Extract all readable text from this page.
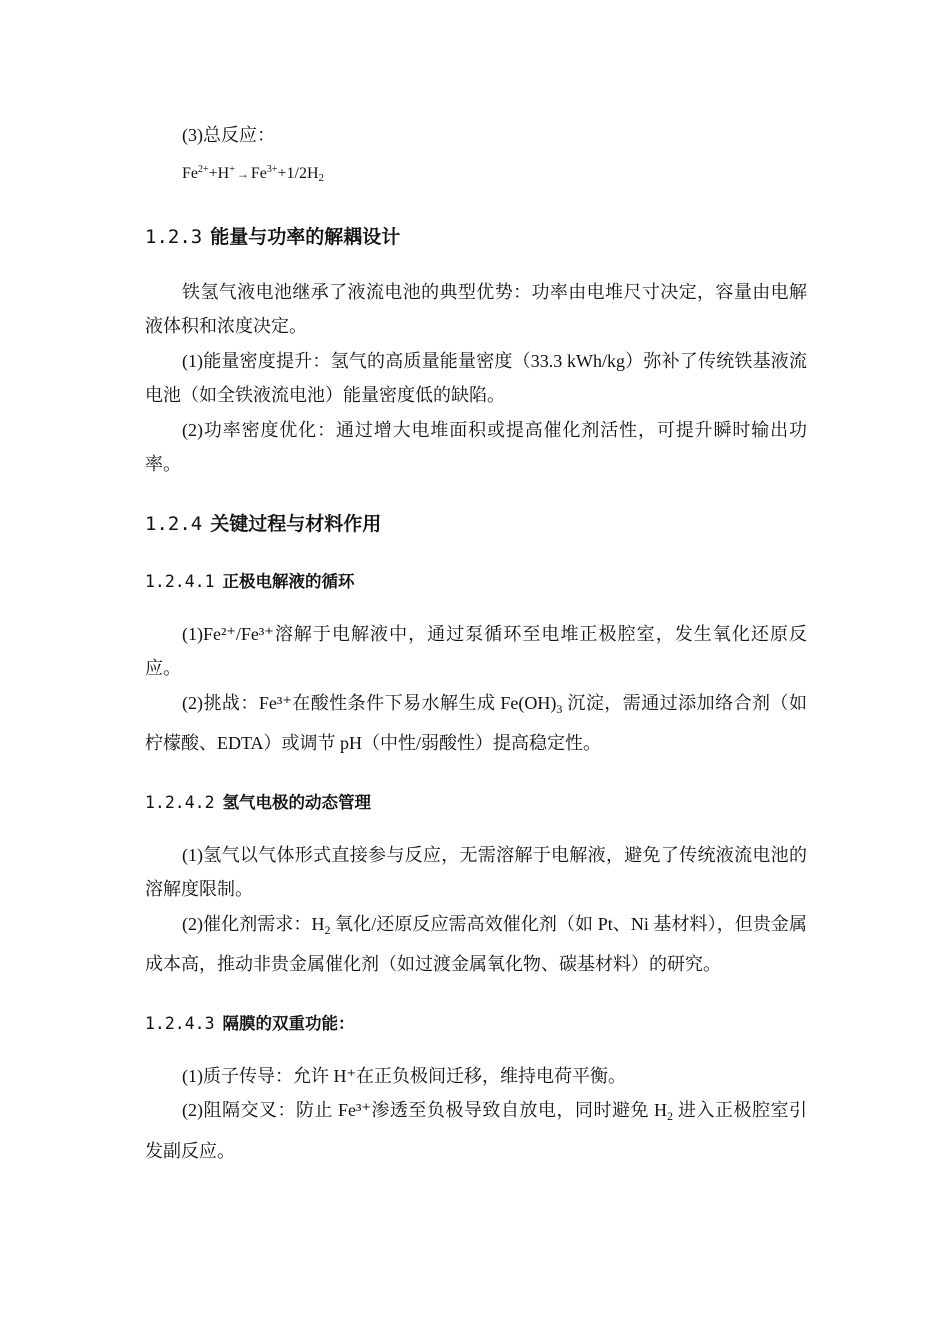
(3)总反应：

$Fe^{2+}+H^+ \to Fe^{3+}+1/2H2$

1.2.3 能量与功率的解耦设计

铁氢气液电池继承了液流电池的典型优势：功率由电堆尺寸决定，容量由电解液体积和浓度决定。

(1)能量密度提升：氢气的高质量能量密度（33.3 kWh/kg）弥补了传统铁基液流电池（如全铁液流电池）能量密度低的缺陷。

(2)功率密度优化：通过增大电堆面积或提高催化剂活性，可提升瞬时输出功率。

1.2.4 关键过程与材料作用
1.2.4.1 正极电解液的循环

(1)Fe²⁺/Fe³⁺溶解于电解液中，通过泵循环至电堆正极腔室，发生氧化还原反应。

(2)挑战：Fe³⁺在酸性条件下易水解生成 $Fe(OH)_3$ 沉淀，需通过添加络合剂（如柠檬酸、EDTA）或调节 pH（中性/弱酸性）提高稳定性。

1.2.4.2 氢气电极的动态管理

(1)氢气以气体形式直接参与反应，无需溶解于电解液，避免了传统液流电池的溶解度限制。

(2)催化剂需求：$H_2$ 氧化/还原反应需高效催化剂（如 Pt、Ni 基材料），但贵金属成本高，推动非贵金属催化剂（如过渡金属氧化物、碳基材料）的研究。

1.2.4.3 隔膜的双重功能：

(1)质子传导：允许 H⁺在正负极间迁移，维持电荷平衡。

(2)阻隔交叉：防止 Fe³⁺渗透至负极导致自放电，同时避免 $H_2$ 进入正极腔室引发副反应。
